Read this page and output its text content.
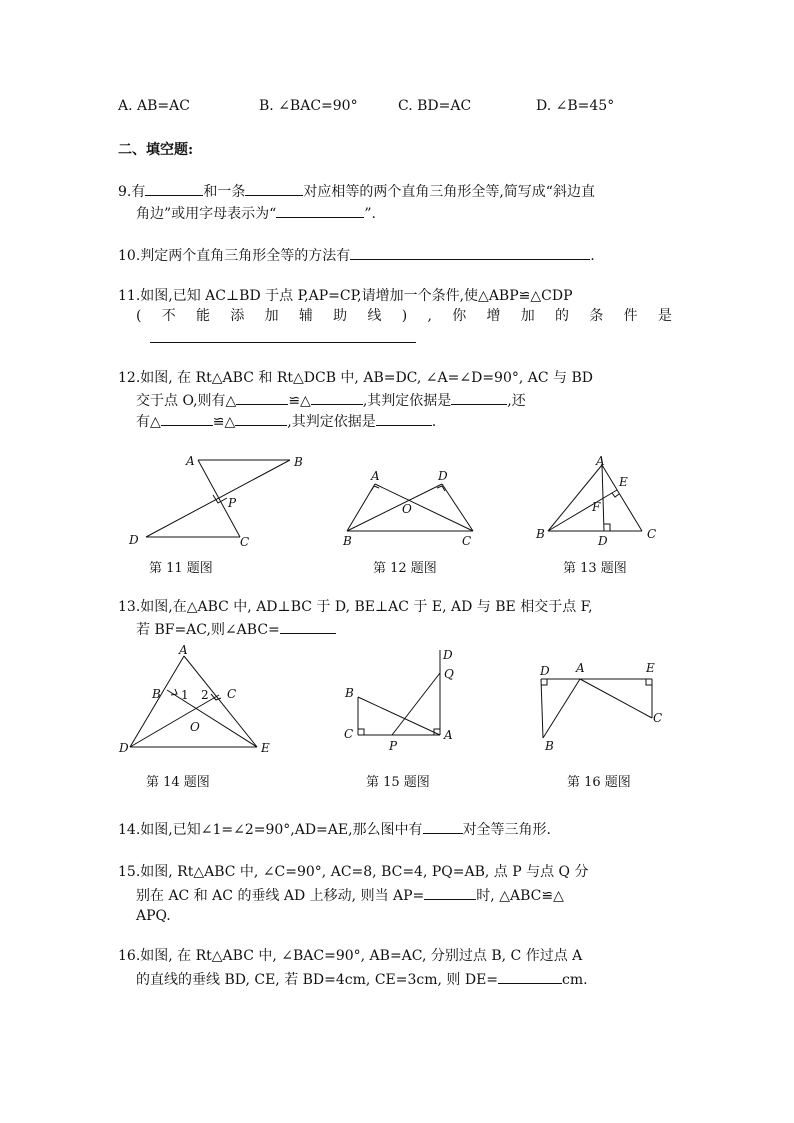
A. AB=AC	B. ∠BAC=90°	C. BD=AC	D. ∠B=45°
二、填空题:
9.有	和一条	对应相等的两个直角三角形全等,简写成“斜边直
角边”或用字母表示为“	”.
10.判定两个直角三角形全等的方法有	.
11.如图,已知 AC⊥BD 于点 P,AP=CP,请增加一个条件,使△ABP≌△CDP
( 不 能 添 加 辅 助 线 ) , 你 增 加 的 条 件 是
12.如图, 在 Rt△ABC 和 Rt△DCB 中, AB=DC, ∠A=∠D=90°, AC 与 BD
交于点 O,则有△	≌△	,其判定依据是	,还
有△	≌△	,其判定依据是	.
A	B
P
D	C
A	D
O
B	C
A
E
F
B	D	C
第 11 题图	第 12 题图	第 13 题图
13.如图,在△ABC 中, AD⊥BC 于 D, BE⊥AC 于 E, AD 与 BE 相交于点 F,
若 BF=AC,则∠ABC=
A
B 1 2 C
O
D	E
D
Q
B
C
P
A
D A	E
C
B
第 14 题图	第 15 题图	第 16 题图
14.如图,已知∠1=∠2=90°,AD=AE,那么图中有	对全等三角形.
15.如图, Rt△ABC 中, ∠C=90°, AC=8, BC=4, PQ=AB, 点 P 与点 Q 分
别在 AC 和 AC 的垂线 AD 上移动, 则当 AP=	时, △ABC≌△
APQ.
16.如图, 在 Rt△ABC 中, ∠BAC=90°, AB=AC, 分别过点 B, C 作过点 A
的直线的垂线 BD, CE, 若 BD=4cm, CE=3cm, 则 DE=	cm.
